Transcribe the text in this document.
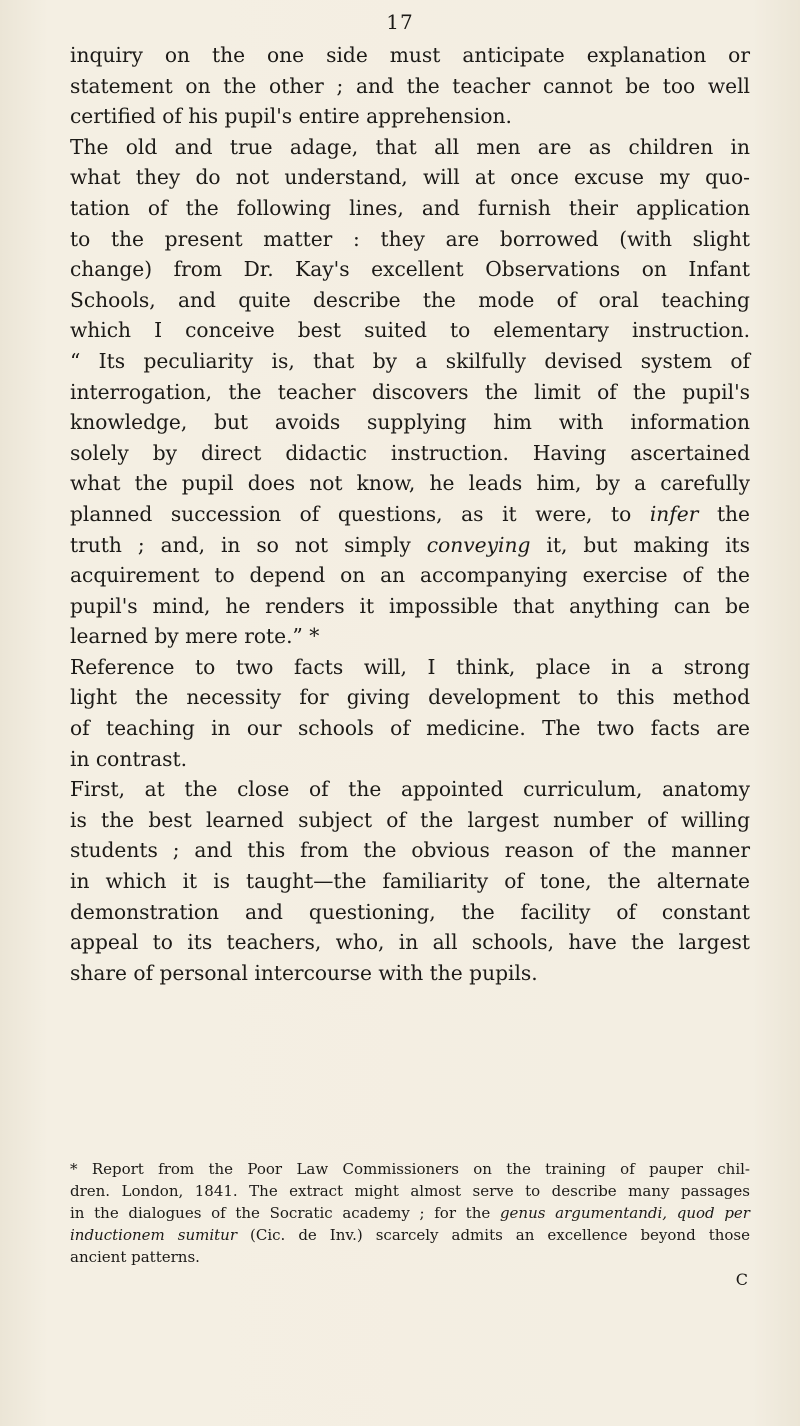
17
inquiry on the one side must anticipate explanation or
statement on the other ; and the teacher cannot be too well
certified of his pupil's entire apprehension.
The old and true adage, that all men are as children in
what they do not understand, will at once excuse my quo-
tation of the following lines, and furnish their application
to the present matter : they are borrowed (with slight
change) from Dr. Kay's excellent Observations on Infant
Schools, and quite describe the mode of oral teaching
which I conceive best suited to elementary instruction.
“ Its peculiarity is, that by a skilfully devised system of
interrogation, the teacher discovers the limit of the pupil's
knowledge, but avoids supplying him with information
solely by direct didactic instruction. Having ascertained
what the pupil does not know, he leads him, by a carefully
planned succession of questions, as it were, to infer the
truth ; and, in so not simply conveying it, but making its
acquirement to depend on an accompanying exercise of the
pupil's mind, he renders it impossible that anything can be
learned by mere rote.” *
Reference to two facts will, I think, place in a strong
light the necessity for giving development to this method
of teaching in our schools of medicine. The two facts are
in contrast.
First, at the close of the appointed curriculum, anatomy
is the best learned subject of the largest number of willing
students ; and this from the obvious reason of the manner
in which it is taught—the familiarity of tone, the alternate
demonstration and questioning, the facility of constant
appeal to its teachers, who, in all schools, have the largest
share of personal intercourse with the pupils.
* Report from the Poor Law Commissioners on the training of pauper chil-
dren. London, 1841. The extract might almost serve to describe many passages
in the dialogues of the Socratic academy ; for the genus argumentandi, quod per
inductionem sumitur (Cic. de Inv.) scarcely admits an excellence beyond those
ancient patterns.
C
